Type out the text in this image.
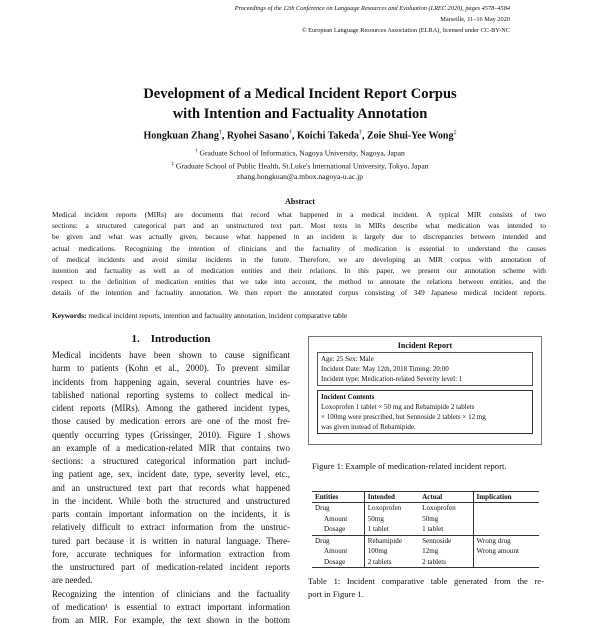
Proceedings of the 12th Conference on Language Resources and Evaluation (LREC 2020), pages 4578–4584
Marseille, 11–16 May 2020
© European Language Resources Association (ELRA), licensed under CC-BY-NC
Development of a Medical Incident Report Corpus
with Intention and Factuality Annotation
Hongkuan Zhang†, Ryohei Sasano†, Koichi Takeda†, Zoie Shui-Yee Wong‡
† Graduate School of Informatics, Nagoya University, Nagoya, Japan
‡ Graduate School of Public Health, St.Luke's International University, Tokyo, Japan
zhang.hongkuan@a.mbox.nagoya-u.ac.jp
Abstract
Medical incident reports (MIRs) are documents that record what happened in a medical incident. A typical MIR consists of two
sections: a structured categorical part and an unstructured text part. Most texts in MIRs describe what medication was intended to
be given and what was actually given, because what happened in an incident is largely due to discrepancies between intended and
actual medications. Recognizing the intention of clinicians and the factuality of medication is essential to understand the causes
of medical incidents and avoid similar incidents in the future. Therefore, we are developing an MIR corpus with annotation of
intention and factuality as well as of medication entities and their relations. In this paper, we present our annotation scheme with
respect to the definition of medication entities that we take into account, the method to annotate the relations between entities, and the
details of the intention and factuality annotation. We then report the annotated corpus consisting of 349 Japanese medical incident reports.
Keywords: medical incident reports, intention and factuality annotation, incident comparative table
1.    Introduction
Medical incidents have been shown to cause significant
harm to patients (Kohn et al., 2000). To prevent similar
incidents from happening again, several countries have es-
tablished national reporting systems to collect medical in-
cident reports (MIRs). Among the gathered incident types,
those caused by medication errors are one of the most fre-
quently occurring types (Grissinger, 2010). Figure 1 shows
an example of a medication-related MIR that contains two
sections: a structured categorical information part includ-
ing patient age, sex, incident date, type, severity level, etc.,
and an unstructured text part that records what happened
in the incident. While both the structured and unstructured
parts contain important information on the incidents, it is
relatively difficult to extract information from the unstruc-
tured part because it is written in natural language. There-
fore, accurate techniques for information extraction from
the unstructured part of medication-related incident reports
are needed.
Recognizing the intention of clinicians and the factuality
of medication¹ is essential to extract important information
from an MIR. For example, the text shown in the bottom
Incident Report
Age: 25 Sex: Male
Incident Date: May 12th, 2018 Timing: 20:00
Incident type: Medication-related Severity level: 1
Incident Contents
Loxoprofen 1 tablet × 50 mg and Rebamipide 2 tablets
× 100mg were prescribed, but Sennoside 2 tablets × 12 mg
was given instead of Rebamipide.
Figure 1: Example of medication-related incident report.
Entities	Intended	Actual	Implication
Drug	Loxoprofen	Loxoprofen	
Amount	50mg	50mg	
Dosage	1 tablet	1 tablet	
Drug	Rebamipide	Sennoside	Wrong drug
Amount	100mg	12mg	Wrong amount
Dosage	2 tablets	2 tablets	
Table 1: Incident comparative table generated from the re-
port in Figure 1.
